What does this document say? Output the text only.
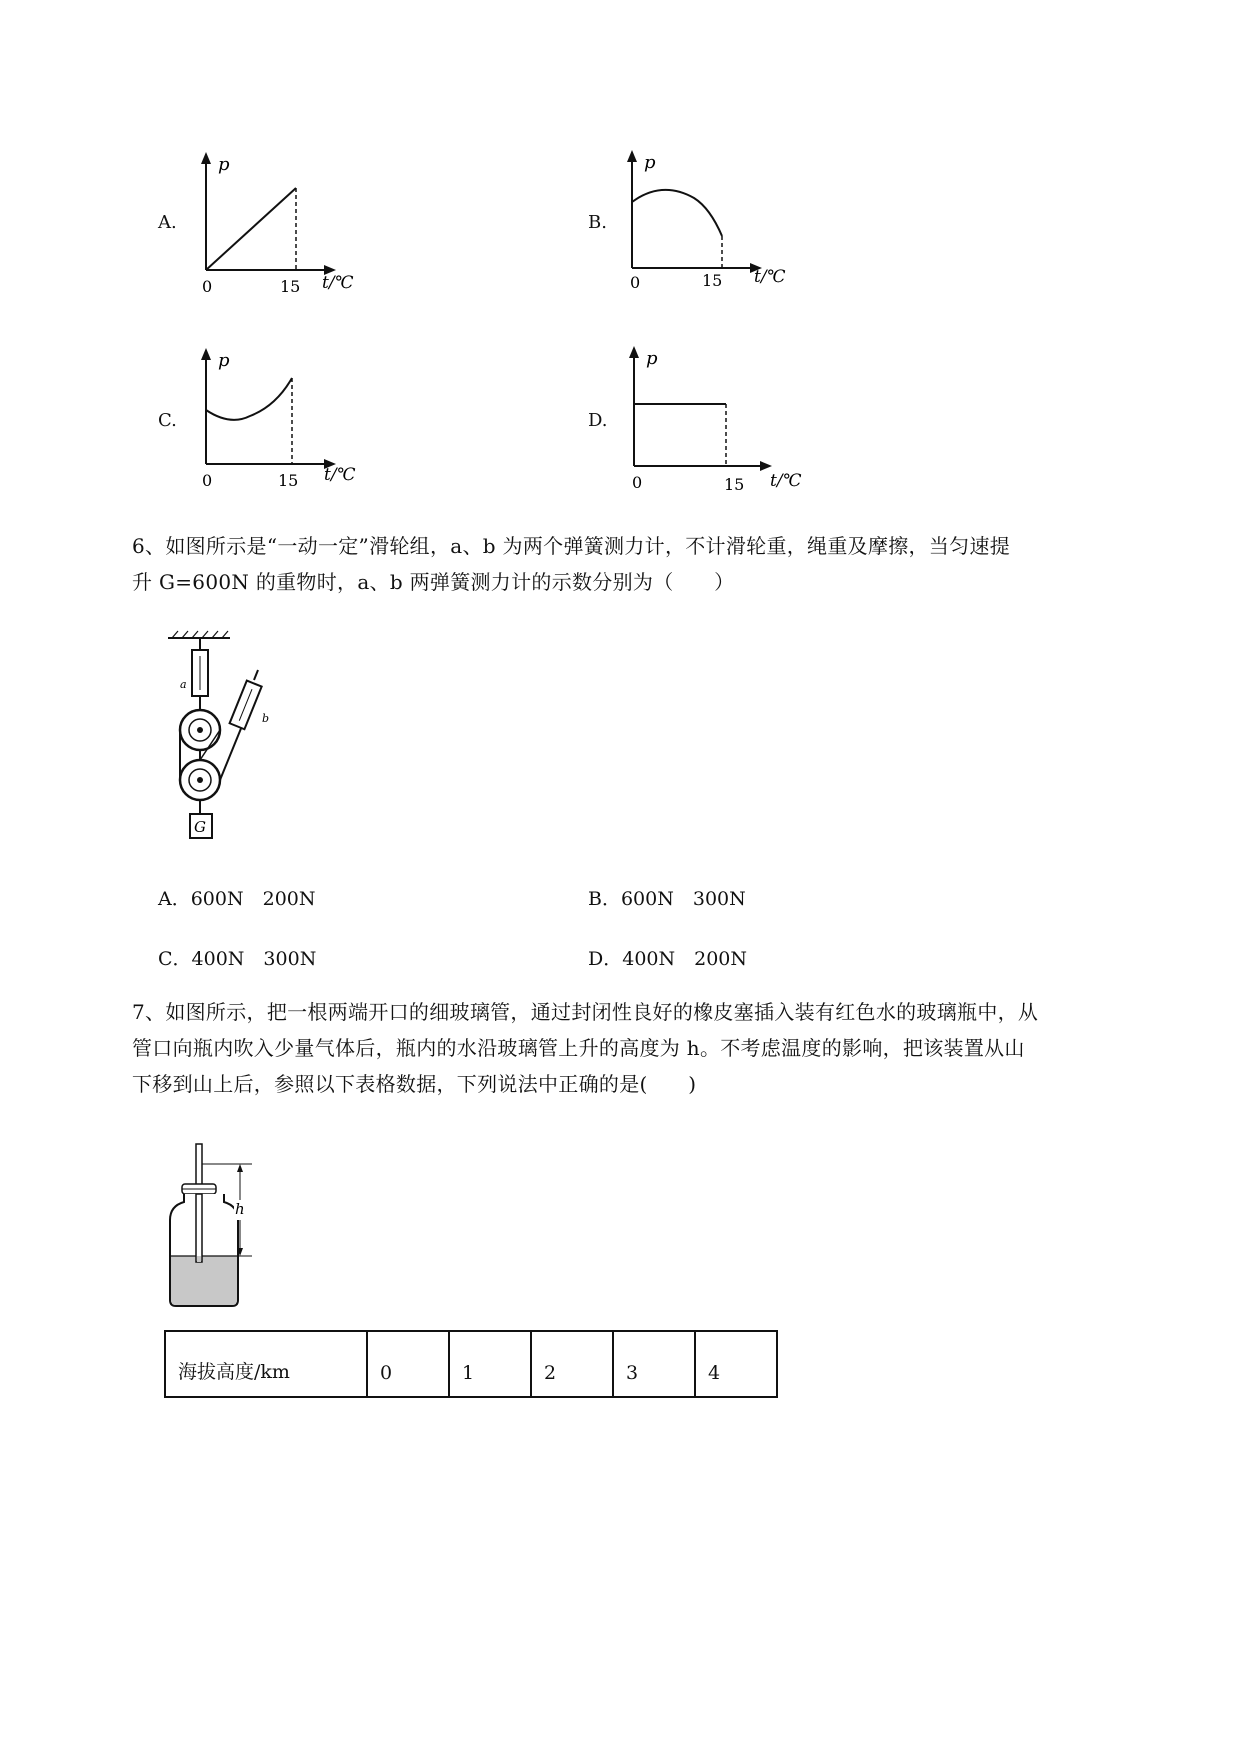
A.
p
t/℃
0	15
B.
p
t/℃
0	15
C.
p
t/℃
0	15
D.
p
t/℃
0	15
6、如图所示是“一动一定”滑轮组，a、b 为两个弹簧测力计，不计滑轮重，绳重及摩擦，当匀速提
升 G=600N 的重物时，a、b 两弹簧测力计的示数分别为（　　）
a
b
G
A．600N　200N	B．600N　300N
C．400N　300N	D．400N　200N
7、如图所示，把一根两端开口的细玻璃管，通过封闭性良好的橡皮塞插入装有红色水的玻璃瓶中，从
管口向瓶内吹入少量气体后，瓶内的水沿玻璃管上升的高度为 h。不考虑温度的影响，把该装置从山
下移到山上后，参照以下表格数据，下列说法中正确的是(　　)
h
海拔高度/km	0	1	2	3	4
